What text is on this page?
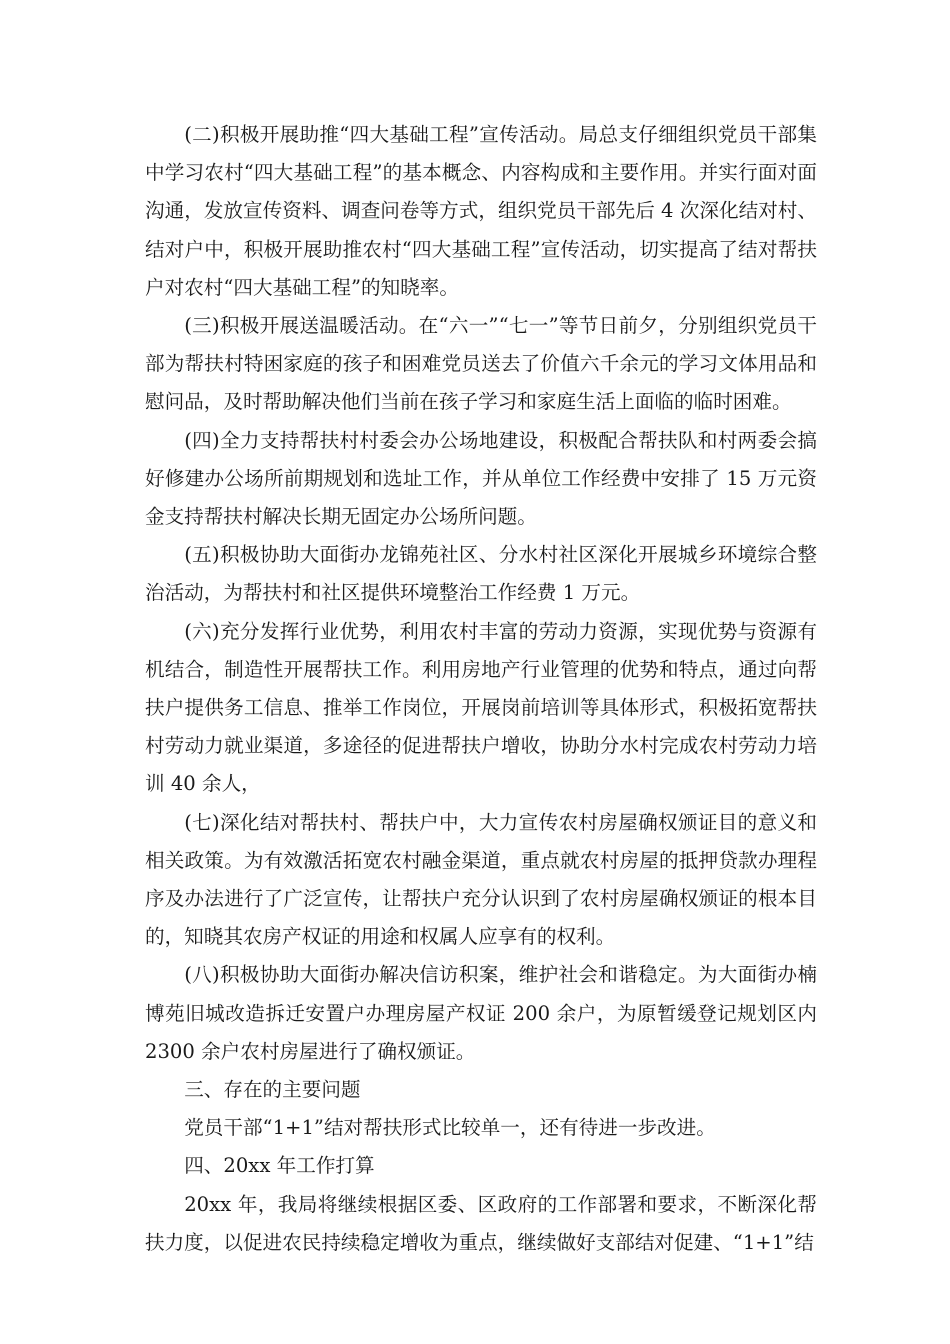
(二)积极开展助推“四大基础工程”宣传活动。局总支仔细组织党员干部集中学习农村“四大基础工程”的基本概念、内容构成和主要作用。并实行面对面沟通，发放宣传资料、调查问卷等方式，组织党员干部先后 4 次深化结对村、结对户中，积极开展助推农村“四大基础工程”宣传活动，切实提高了结对帮扶户对农村“四大基础工程”的知晓率。

(三)积极开展送温暖活动。在“六一”“七一”等节日前夕，分别组织党员干部为帮扶村特困家庭的孩子和困难党员送去了价值六千余元的学习文体用品和慰问品，及时帮助解决他们当前在孩子学习和家庭生活上面临的临时困难。

(四)全力支持帮扶村村委会办公场地建设，积极配合帮扶队和村两委会搞好修建办公场所前期规划和选址工作，并从单位工作经费中安排了 15 万元资金支持帮扶村解决长期无固定办公场所问题。

(五)积极协助大面街办龙锦苑社区、分水村社区深化开展城乡环境综合整治活动，为帮扶村和社区提供环境整治工作经费 1 万元。

(六)充分发挥行业优势，利用农村丰富的劳动力资源，实现优势与资源有机结合，制造性开展帮扶工作。利用房地产行业管理的优势和特点，通过向帮扶户提供务工信息、推举工作岗位，开展岗前培训等具体形式，积极拓宽帮扶村劳动力就业渠道，多途径的促进帮扶户增收，协助分水村完成农村劳动力培训 40 余人，

(七)深化结对帮扶村、帮扶户中，大力宣传农村房屋确权颁证目的意义和相关政策。为有效激活拓宽农村融金渠道，重点就农村房屋的抵押贷款办理程序及办法进行了广泛宣传，让帮扶户充分认识到了农村房屋确权颁证的根本目的，知晓其农房产权证的用途和权属人应享有的权利。

(八)积极协助大面街办解决信访积案，维护社会和谐稳定。为大面街办楠博苑旧城改造拆迁安置户办理房屋产权证 200 余户，为原暂缓登记规划区内 2300 余户农村房屋进行了确权颁证。

三、存在的主要问题

党员干部“1+1”结对帮扶形式比较单一，还有待进一步改进。

四、20xx 年工作打算

20xx 年，我局将继续根据区委、区政府的工作部署和要求，不断深化帮扶力度，以促进农民持续稳定增收为重点，继续做好支部结对促建、“1+1”结
